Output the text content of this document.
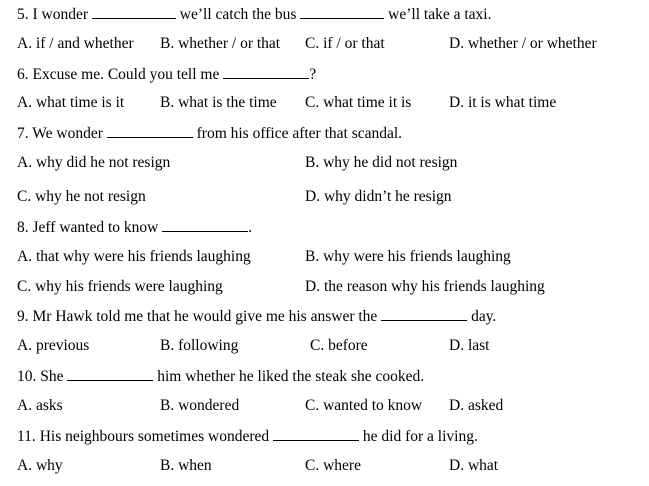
5. I wonder	we’ll catch the bus	we’ll take a taxi.
A. if / and whether B. whether / or that C. if / or that	D. whether / or whether
6. Excuse me. Could you tell me	?
A. what time is it B. what is the time C. what time it is D. it is what time
7. We wonder	from his office after that scandal.
A. why did he not resign	B. why he did not resign
C. why he not resign	D. why didn’t he resign
8. Jeff wanted to know	.
A. that why were his friends laughing	B. why were his friends laughing
C. why his friends were laughing	D. the reason why his friends laughing
9. Mr Hawk told me that he would give me his answer the	day.
A. previous	B. following	C. before	D. last
10. She	him whether he liked the steak she cooked.
A. asks	B. wondered	C. wanted to know D. asked
11. His neighbours sometimes wondered	he did for a living.
A. why	B. when	C. where	D. what
